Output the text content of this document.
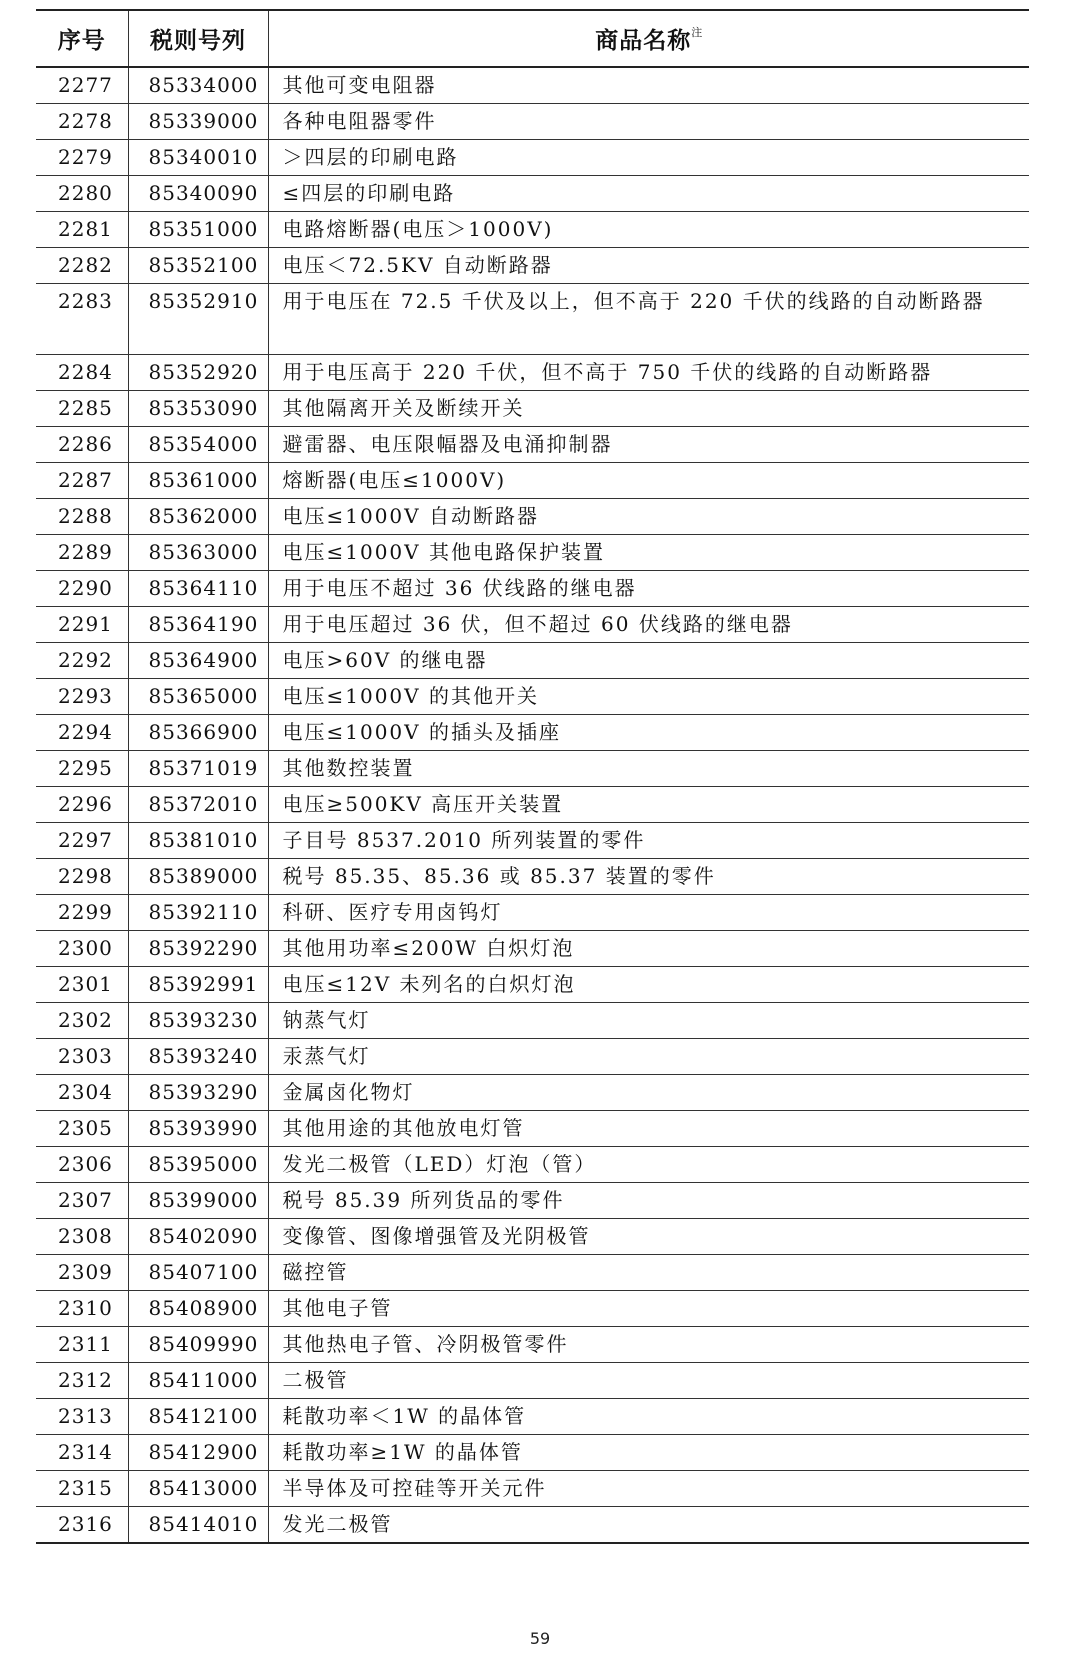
序号	税则号列	商品名称$^注$
2277	85334000	其他可变电阻器
2278	85339000	各种电阻器零件
2279	85340010	＞四层的印刷电路
2280	85340090	≤四层的印刷电路
2281	85351000	电路熔断器(电压＞1000V)
2282	85352100	电压＜72.5KV 自动断路器
2283	85352910	用于电压在 72.5 千伏及以上，但不高于 220 千伏的线路的自动断路器
2284	85352920	用于电压高于 220 千伏，但不高于 750 千伏的线路的自动断路器
2285	85353090	其他隔离开关及断续开关
2286	85354000	避雷器、电压限幅器及电涌抑制器
2287	85361000	熔断器(电压≤1000V)
2288	85362000	电压≤1000V 自动断路器
2289	85363000	电压≤1000V 其他电路保护装置
2290	85364110	用于电压不超过 36 伏线路的继电器
2291	85364190	用于电压超过 36 伏，但不超过 60 伏线路的继电器
2292	85364900	电压>60V 的继电器
2293	85365000	电压≤1000V 的其他开关
2294	85366900	电压≤1000V 的插头及插座
2295	85371019	其他数控装置
2296	85372010	电压≥500KV 高压开关装置
2297	85381010	子目号 8537.2010 所列装置的零件
2298	85389000	税号 85.35、85.36 或 85.37 装置的零件
2299	85392110	科研、医疗专用卤钨灯
2300	85392290	其他用功率≤200W 白炽灯泡
2301	85392991	电压≤12V 未列名的白炽灯泡
2302	85393230	钠蒸气灯
2303	85393240	汞蒸气灯
2304	85393290	金属卤化物灯
2305	85393990	其他用途的其他放电灯管
2306	85395000	发光二极管（LED）灯泡（管）
2307	85399000	税号 85.39 所列货品的零件
2308	85402090	变像管、图像增强管及光阴极管
2309	85407100	磁控管
2310	85408900	其他电子管
2311	85409990	其他热电子管、冷阴极管零件
2312	85411000	二极管
2313	85412100	耗散功率＜1W 的晶体管
2314	85412900	耗散功率≥1W 的晶体管
2315	85413000	半导体及可控硅等开关元件
2316	85414010	发光二极管
59
